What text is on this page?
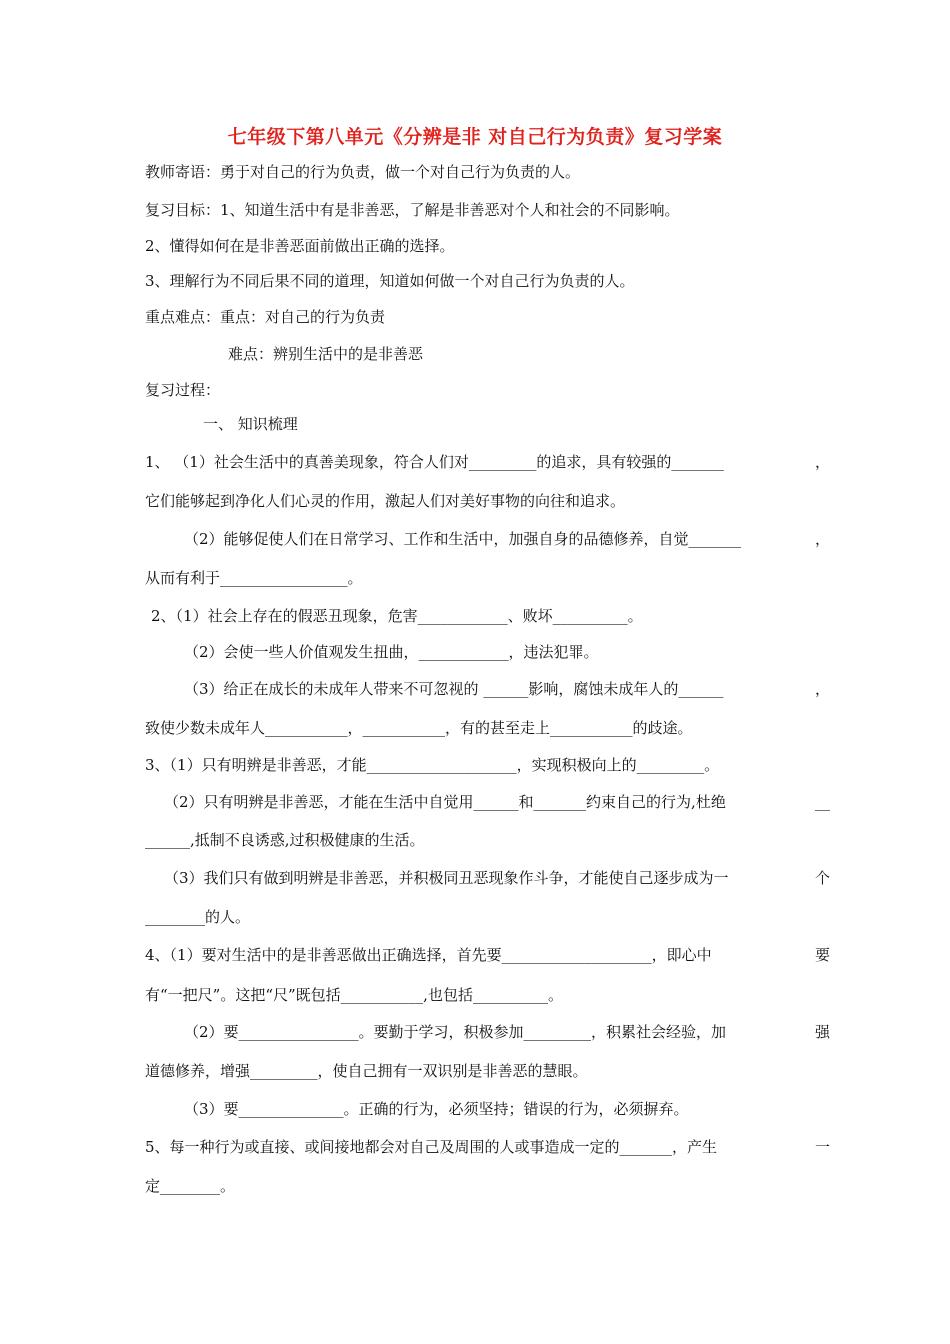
七年级下第八单元《分辨是非 对自己行为负责》复习学案
教师寄语：勇于对自己的行为负责，做一个对自己行为负责的人。
复习目标：1、知道生活中有是非善恶，了解是非善恶对个人和社会的不同影响。
2、懂得如何在是非善恶面前做出正确的选择。
3、理解行为不同后果不同的道理，知道如何做一个对自己行为负责的人。
重点难点：重点：对自己的行为负责
难点：辨别生活中的是非善恶
复习过程：
一、 知识梳理
1、 （1）社会生活中的真善美现象，符合人们对_________的追求，具有较强的_______	，
它们能够起到净化人们心灵的作用，激起人们对美好事物的向往和追求。
（2）能够促使人们在日常学习、工作和生活中，加强自身的品德修养，自觉_______	，
从而有利于_________________。
2、（1）社会上存在的假恶丑现象，危害____________、败坏__________。
（2）会使一些人价值观发生扭曲，____________，违法犯罪。
（3）给正在成长的未成年人带来不可忽视的 ______影响，腐蚀未成年人的______	，
致使少数未成年人___________，___________，有的甚至走上___________的歧途。
3、（1）只有明辨是非善恶，才能____________________，实现积极向上的_________。
（2）只有明辨是非善恶，才能在生活中自觉用______和_______约束自己的行为,杜绝	__
______,抵制不良诱惑,过积极健康的生活。
（3）我们只有做到明辨是非善恶，并积极同丑恶现象作斗争，才能使自己逐步成为一	个
________的人。
4、（1）要对生活中的是非善恶做出正确选择，首先要____________________，即心中	要
有“一把尺”。这把“尺”既包括___________,也包括__________。
（2）要________________。要勤于学习，积极参加_________，积累社会经验，加	强
道德修养，增强_________，使自己拥有一双识别是非善恶的慧眼。
（3）要______________。正确的行为，必须坚持；错误的行为，必须摒弃。
5、每一种行为或直接、或间接地都会对自己及周围的人或事造成一定的_______，产生	一
定________。
